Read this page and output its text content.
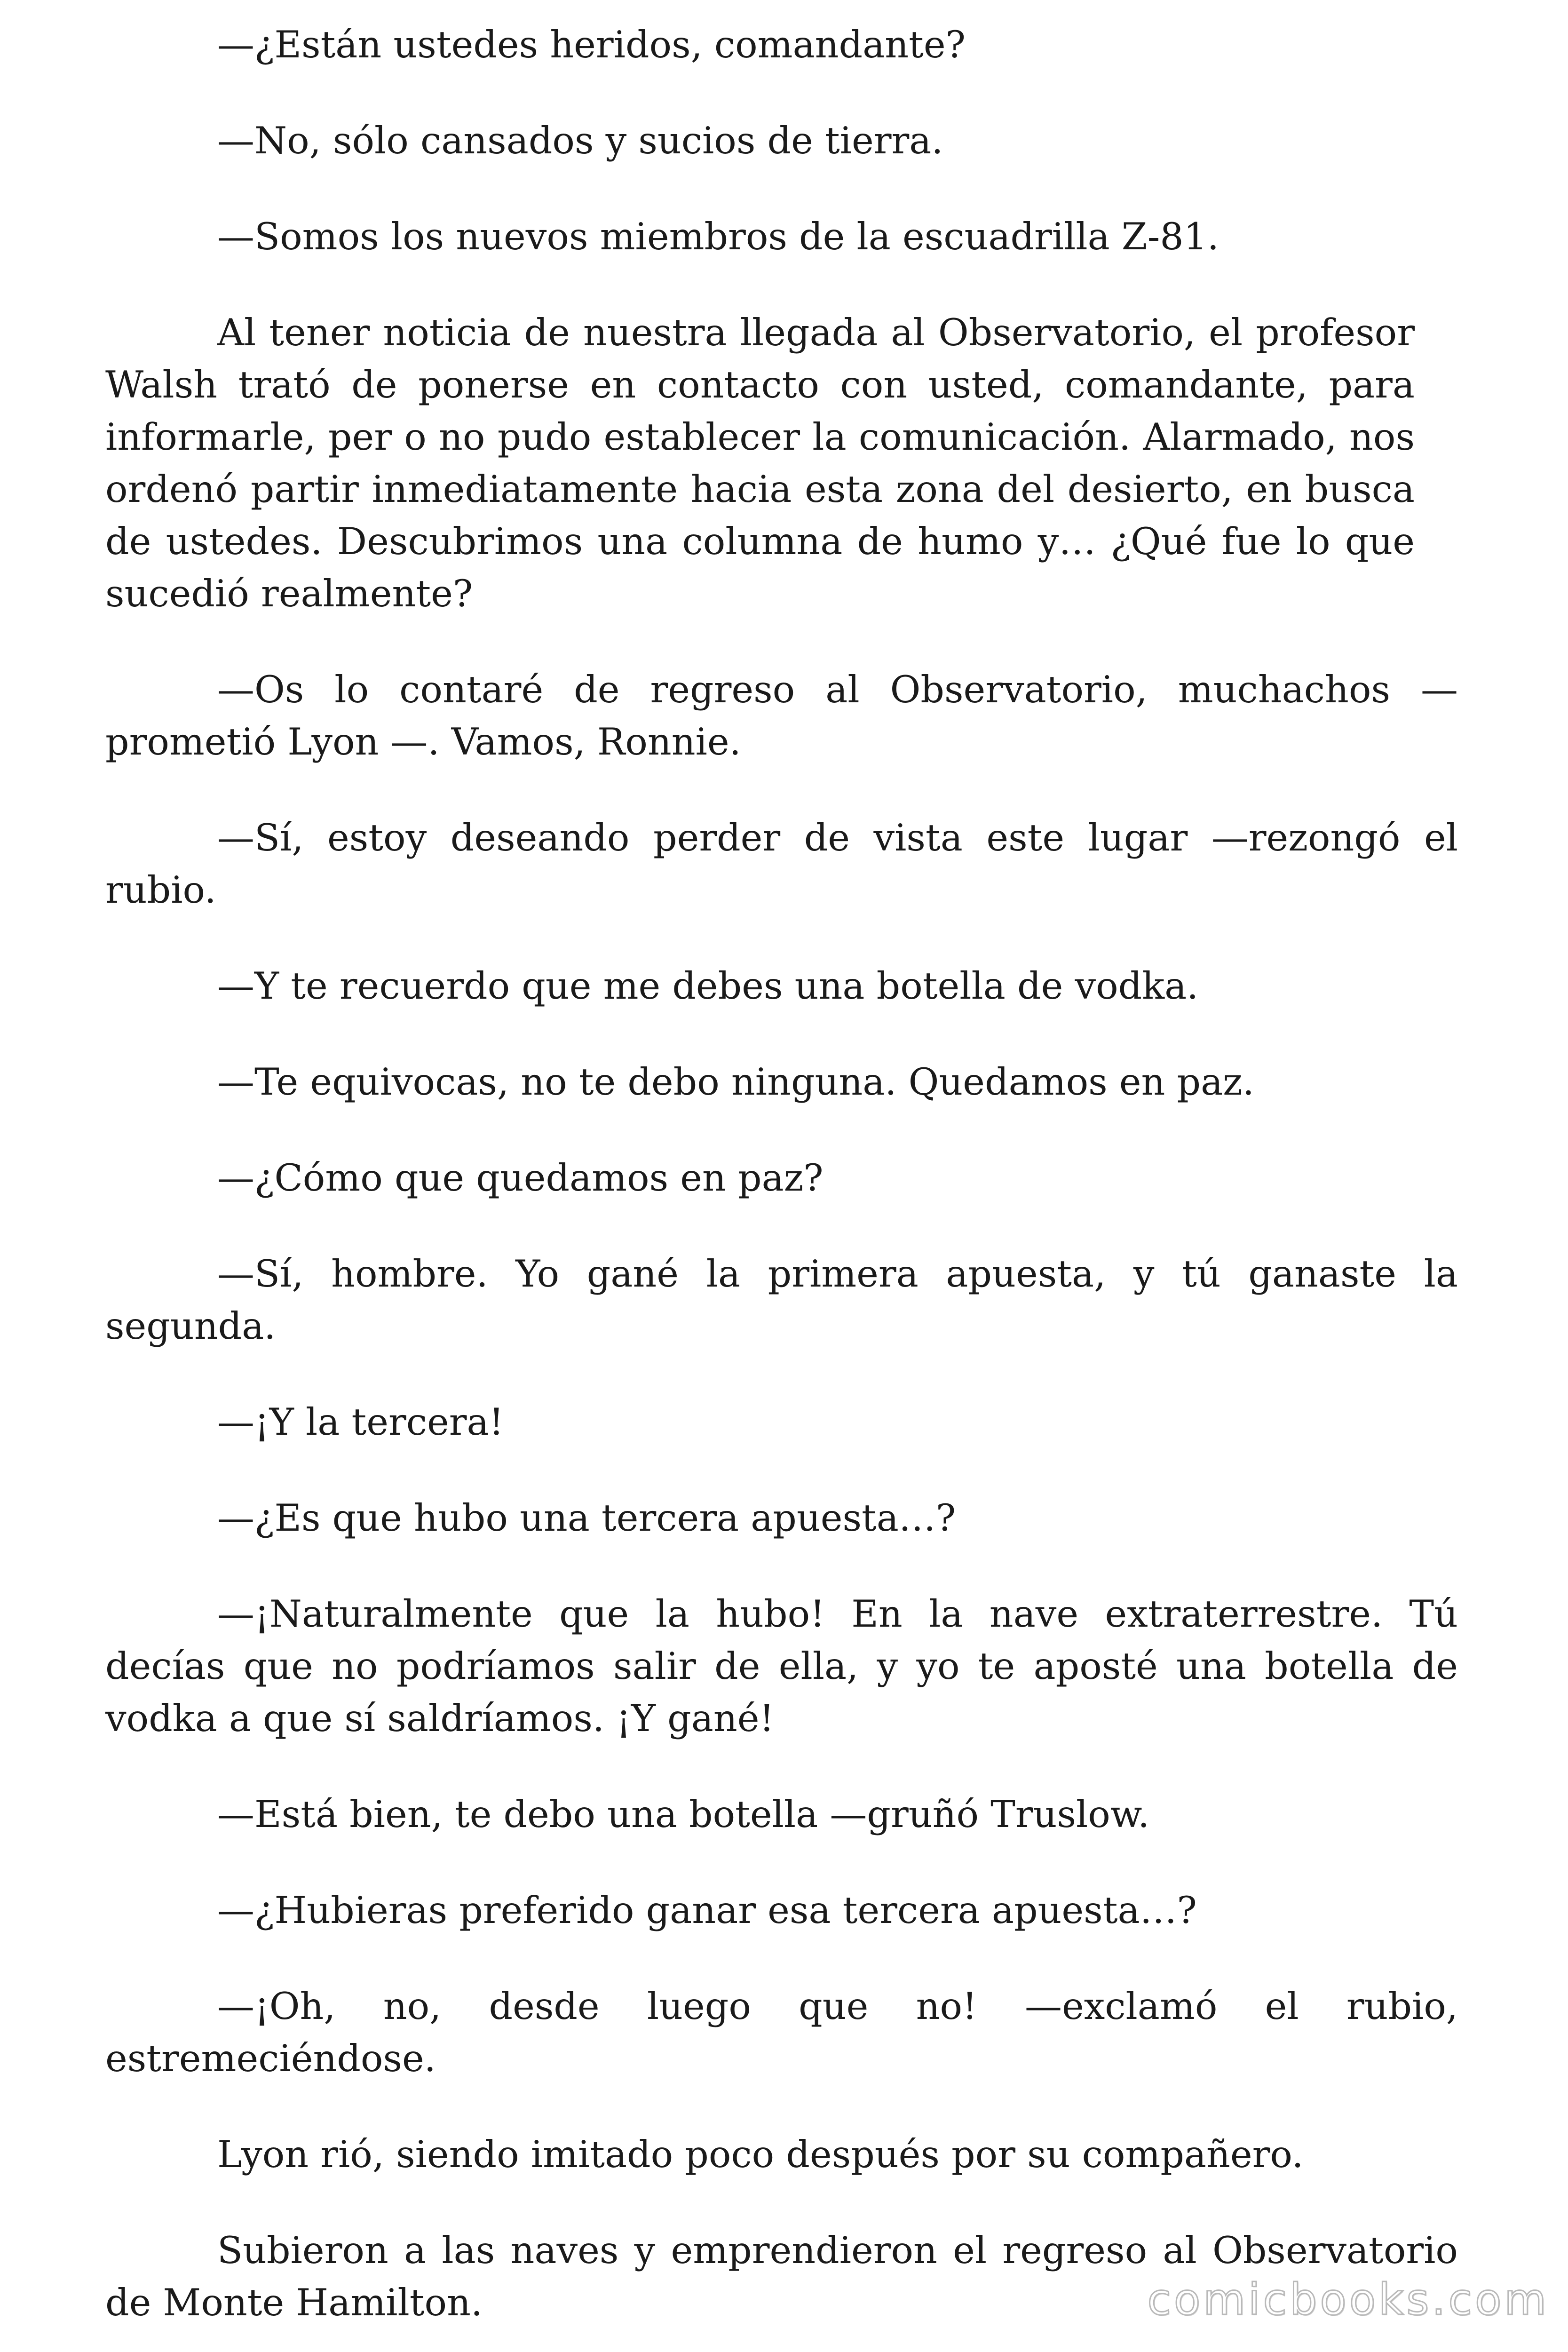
—¿Están ustedes heridos, comandante?

—No, sólo cansados y sucios de tierra.

—Somos los nuevos miembros de la escuadrilla Z-81.

Al tener noticia de nuestra llegada al Observatorio, el profesor Walsh trató de ponerse en contacto con usted, comandante, para informarle, per o no pudo establecer la comunicación. Alarmado, nos ordenó partir inmediatamente hacia esta zona del desierto, en busca de ustedes. Descubrimos una columna de humo y… ¿Qué fue lo que sucedió realmente?

—Os lo contaré de regreso al Observatorio, muchachos —prometió Lyon —. Vamos, Ronnie.

—Sí, estoy deseando perder de vista este lugar —rezongó el rubio.

—Y te recuerdo que me debes una botella de vodka.

—Te equivocas, no te debo ninguna. Quedamos en paz.

—¿Cómo que quedamos en paz?

—Sí, hombre. Yo gané la primera apuesta, y tú ganaste la segunda.

—¡Y la tercera!

—¿Es que hubo una tercera apuesta…?

—¡Naturalmente que la hubo! En la nave extraterrestre. Tú decías que no podríamos salir de ella, y yo te aposté una botella de vodka a que sí saldríamos. ¡Y gané!

—Está bien, te debo una botella —gruñó Truslow.

—¿Hubieras preferido ganar esa tercera apuesta…?

—¡Oh, no, desde luego que no! —exclamó el rubio, estremeciéndose.

Lyon rió, siendo imitado poco después por su compañero.

Subieron a las naves y emprendieron el regreso al Observatorio de Monte Hamilton.	comicbooks.com
